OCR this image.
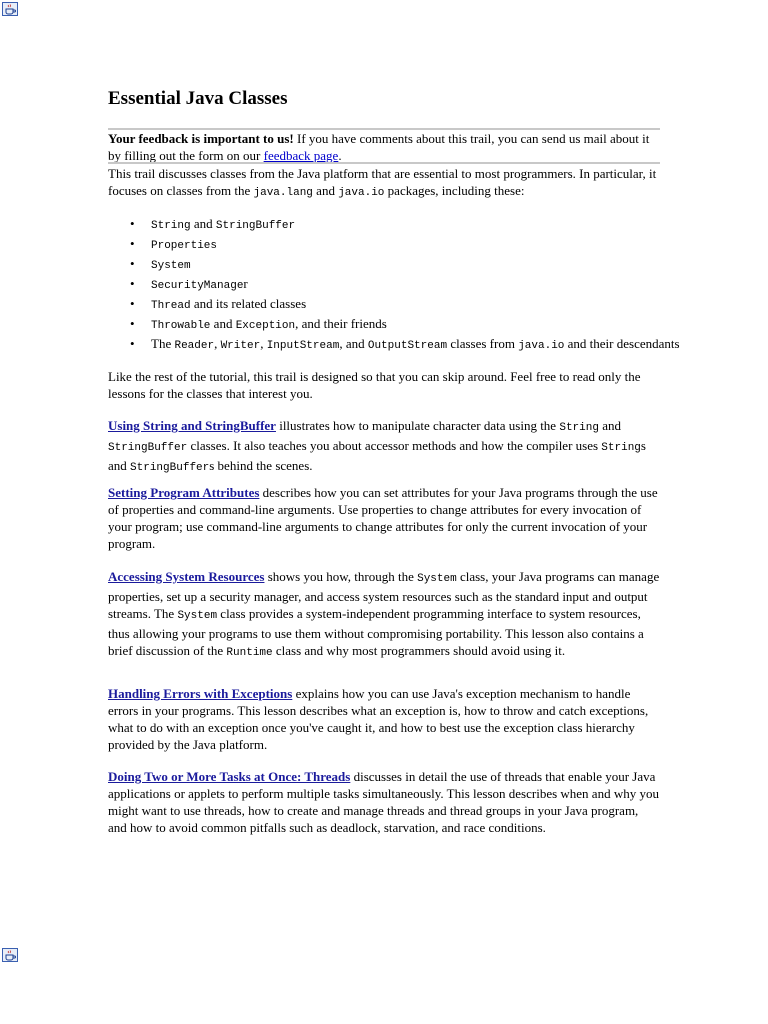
Essential Java Classes

Your feedback is important to us! If you have comments about this trail, you can send us mail about it by filling out the form on our feedback page.

This trail discusses classes from the Java platform that are essential to most programmers. In particular, it focuses on classes from the java.lang and java.io packages, including these:

• String and StringBuffer
• Properties
• System
• SecurityManager
• Thread and its related classes
• Throwable and Exception, and their friends
• The Reader, Writer, InputStream, and OutputStream classes from java.io and their descendants

Like the rest of the tutorial, this trail is designed so that you can skip around. Feel free to read only the lessons for the classes that interest you.

Using String and StringBuffer illustrates how to manipulate character data using the String and StringBuffer classes. It also teaches you about accessor methods and how the compiler uses Strings and StringBuffers behind the scenes.

Setting Program Attributes describes how you can set attributes for your Java programs through the use of properties and command-line arguments. Use properties to change attributes for every invocation of your program; use command-line arguments to change attributes for only the current invocation of your program.

Accessing System Resources shows you how, through the System class, your Java programs can manage properties, set up a security manager, and access system resources such as the standard input and output streams. The System class provides a system-independent programming interface to system resources, thus allowing your programs to use them without compromising portability. This lesson also contains a brief discussion of the Runtime class and why most programmers should avoid using it.

Handling Errors with Exceptions explains how you can use Java's exception mechanism to handle errors in your programs. This lesson describes what an exception is, how to throw and catch exceptions, what to do with an exception once you've caught it, and how to best use the exception class hierarchy provided by the Java platform.

Doing Two or More Tasks at Once: Threads discusses in detail the use of threads that enable your Java applications or applets to perform multiple tasks simultaneously. This lesson describes when and why you might want to use threads, how to create and manage threads and thread groups in your Java program, and how to avoid common pitfalls such as deadlock, starvation, and race conditions.
